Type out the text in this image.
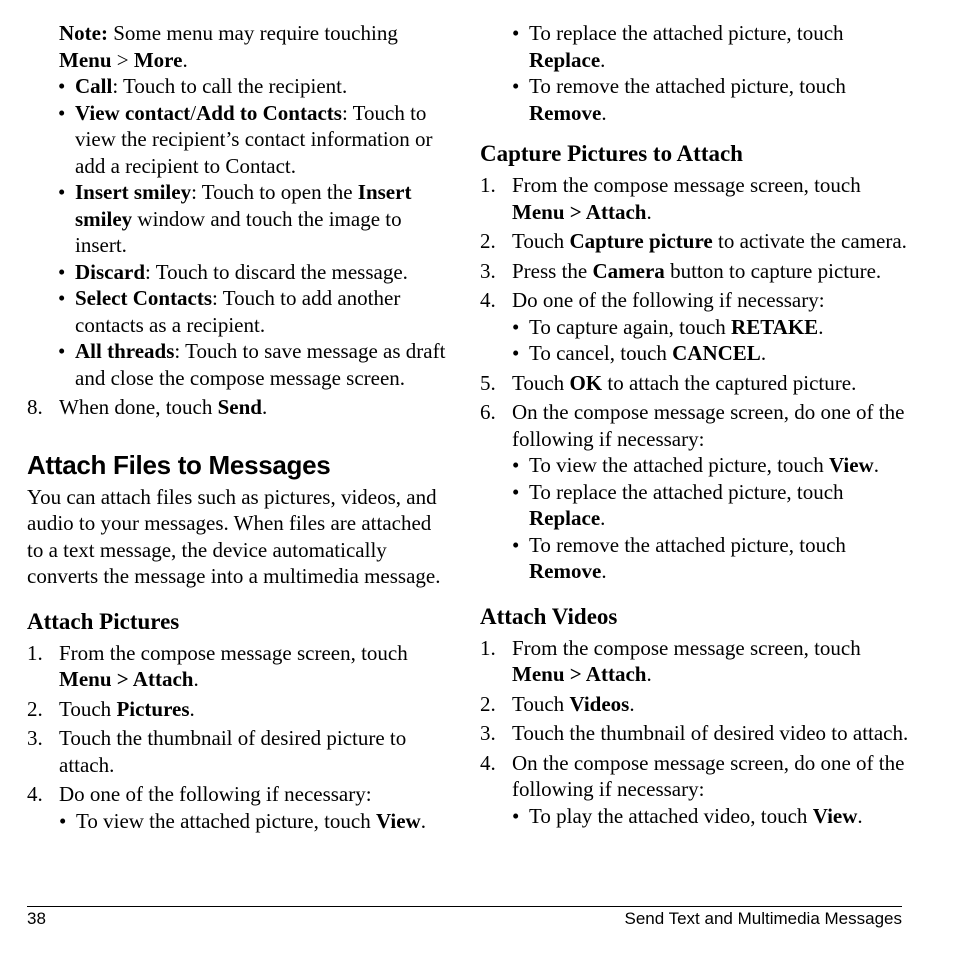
Note: Some menu may require touching Menu > More.

• Call: Touch to call the recipient.

• View contact/Add to Contacts: Touch to view the recipient’s contact information or add a recipient to Contact.

• Insert smiley: Touch to open the Insert smiley window and touch the image to insert.

• Discard: Touch to discard the message.

• Select Contacts: Touch to add another contacts as a recipient.

• All threads: Touch to save message as draft and close the compose message screen.

8. When done, touch Send.

Attach Files to Messages

You can attach files such as pictures, videos, and audio to your messages. When files are attached to a text message, the device automatically converts the message into a multimedia message.

Attach Pictures

1. From the compose message screen, touch Menu > Attach.

2. Touch Pictures.

3. Touch the thumbnail of desired picture to attach.

4. Do one of the following if necessary:

• To view the attached picture, touch View.

• To replace the attached picture, touch Replace.

• To remove the attached picture, touch Remove.

Capture Pictures to Attach

1. From the compose message screen, touch Menu > Attach.

2. Touch Capture picture to activate the camera.

3. Press the Camera button to capture picture.

4. Do one of the following if necessary:

• To capture again, touch RETAKE.

• To cancel, touch CANCEL.

5. Touch OK to attach the captured picture.

6. On the compose message screen, do one of the following if necessary:

• To view the attached picture, touch View.

• To replace the attached picture, touch Replace.

• To remove the attached picture, touch Remove.

Attach Videos

1. From the compose message screen, touch Menu > Attach.

2. Touch Videos.

3. Touch the thumbnail of desired video to attach.

4. On the compose message screen, do one of the following if necessary:

• To play the attached video, touch View.

38	Send Text and Multimedia Messages
